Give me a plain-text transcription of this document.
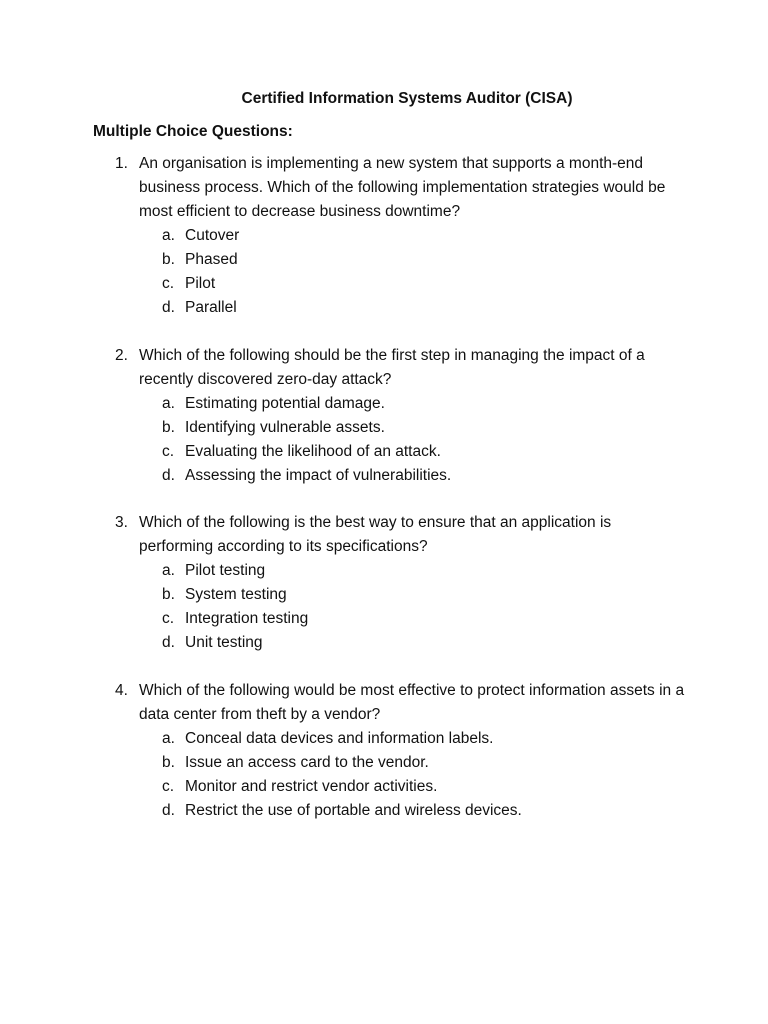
Certified Information Systems Auditor (CISA)
Multiple Choice Questions:
1. An organisation is implementing a new system that supports a month-end business process. Which of the following implementation strategies would be most efficient to decrease business downtime?
a. Cutover
b. Phased
c. Pilot
d. Parallel
2. Which of the following should be the first step in managing the impact of a recently discovered zero-day attack?
a. Estimating potential damage.
b. Identifying vulnerable assets.
c. Evaluating the likelihood of an attack.
d. Assessing the impact of vulnerabilities.
3. Which of the following is the best way to ensure that an application is performing according to its specifications?
a. Pilot testing
b. System testing
c. Integration testing
d. Unit testing
4. Which of the following would be most effective to protect information assets in a data center from theft by a vendor?
a. Conceal data devices and information labels.
b. Issue an access card to the vendor.
c. Monitor and restrict vendor activities.
d. Restrict the use of portable and wireless devices.
